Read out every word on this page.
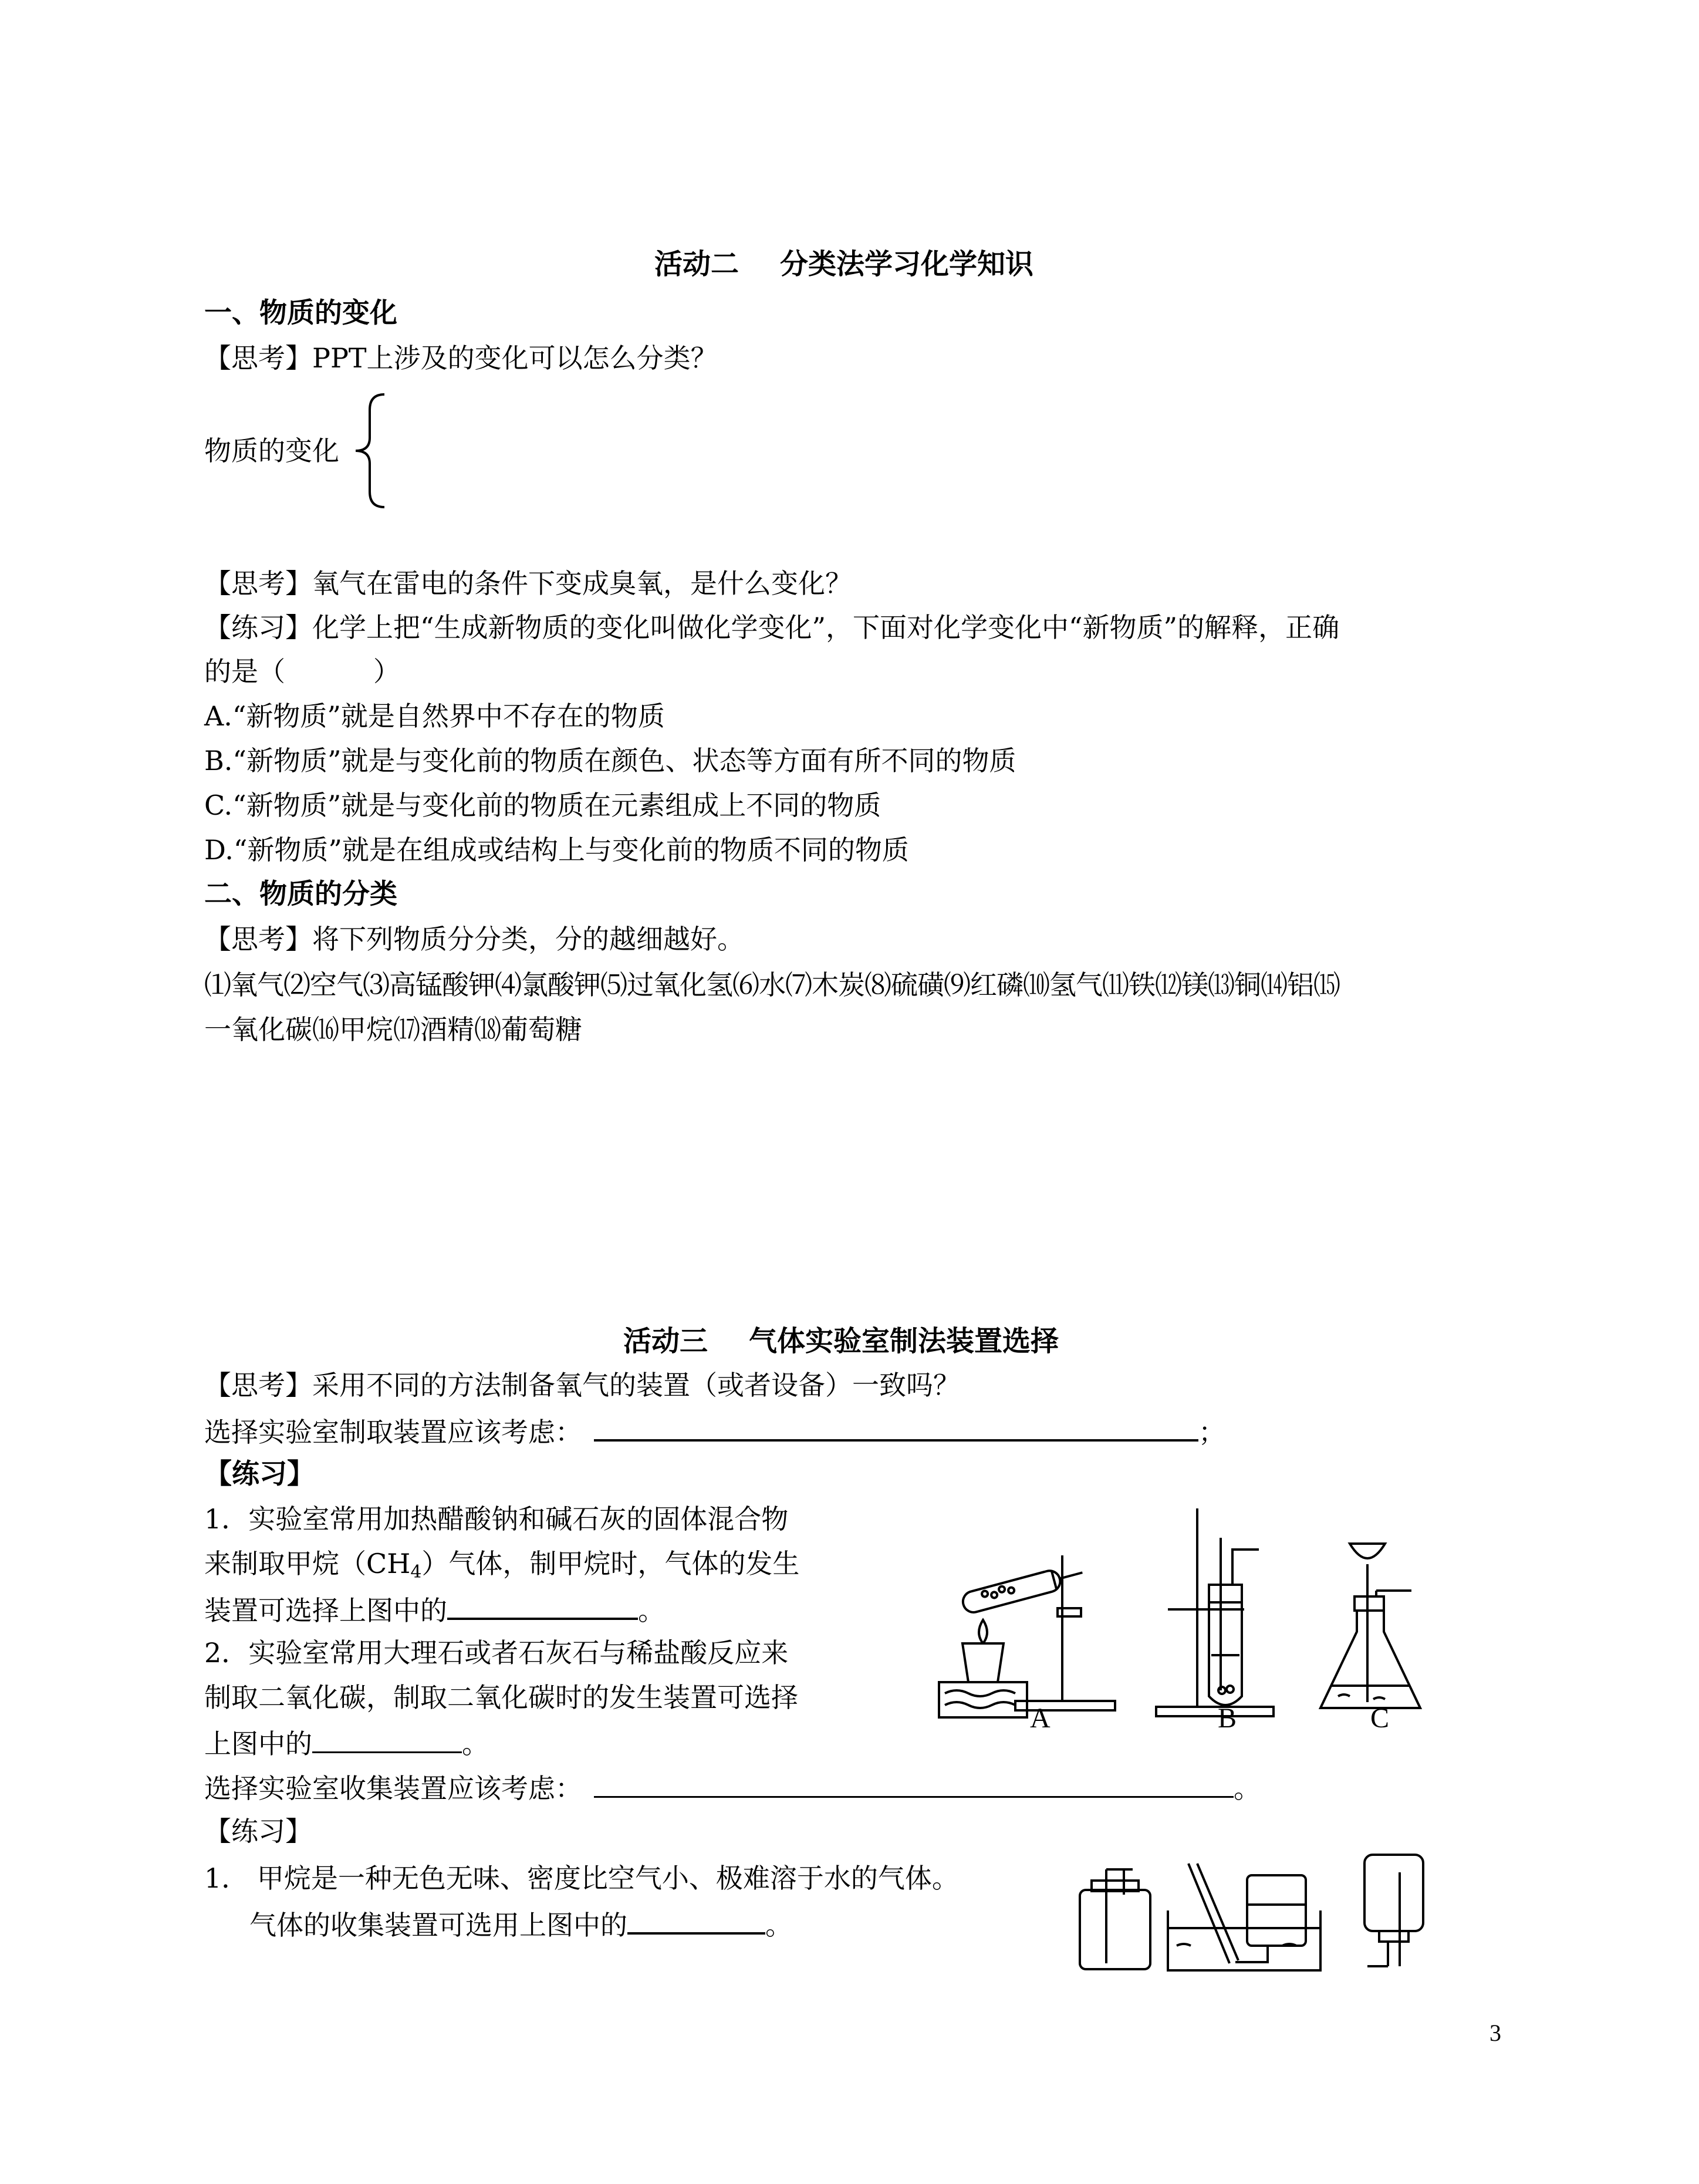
活动二 分类法学习化学知识
一、物质的变化
【思考】PPT上涉及的变化可以怎么分类？
物质的变化
【思考】氧气在雷电的条件下变成臭氧，是什么变化？
【练习】化学上把“生成新物质的变化叫做化学变化”，下面对化学变化中“新物质”的解释，正确
的是（	）
A.“新物质”就是自然界中不存在的物质
B.“新物质”就是与变化前的物质在颜色、状态等方面有所不同的物质
C.“新物质”就是与变化前的物质在元素组成上不同的物质
D.“新物质”就是在组成或结构上与变化前的物质不同的物质
二、物质的分类
【思考】将下列物质分分类，分的越细越好。
⑴氧气⑵空气⑶高锰酸钾⑷氯酸钾⑸过氧化氢⑹水⑺木炭⑻硫磺⑼红磷⑽氢气⑾铁⑿镁⒀铜⒁铝⒂
一氧化碳⒃甲烷⒄酒精⒅葡萄糖
活动三 气体实验室制法装置选择
【思考】采用不同的方法制备氧气的装置（或者设备）一致吗？
选择实验室制取装置应该考虑：	；
【练习】
1．实验室常用加热醋酸钠和碱石灰的固体混合物
来制取甲烷$(CH_4)$气体，制甲烷时，气体的发生
装置可选择上图中的	。
2．实验室常用大理石或者石灰石与稀盐酸反应来
制取二氧化碳，制取二氧化碳时的发生装置可选择
上图中的	。
选择实验室收集装置应该考虑：	。
【练习】
1． 甲烷是一种无色无味、密度比空气小、极难溶于水的气体。
气体的收集装置可选用上图中的	。
A	B	C
3
